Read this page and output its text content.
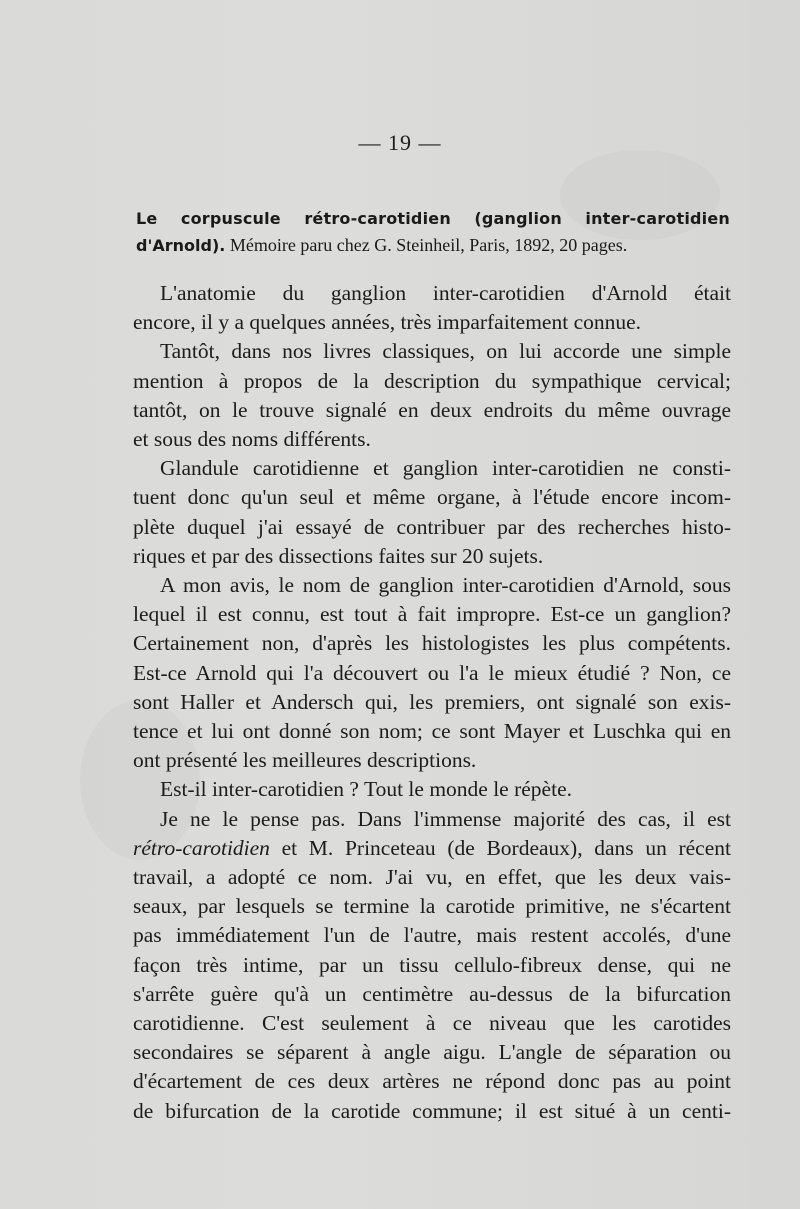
— 19 —
Le corpuscule rétro-carotidien (ganglion inter-carotidien
d'Arnold). Mémoire paru chez G. Steinheil, Paris, 1892, 20 pages.
L'anatomie du ganglion inter-carotidien d'Arnold était
encore, il y a quelques années, très imparfaitement connue.
Tantôt, dans nos livres classiques, on lui accorde une simple
mention à propos de la description du sympathique cervical;
tantôt, on le trouve signalé en deux endroits du même ouvrage
et sous des noms différents.
Glandule carotidienne et ganglion inter-carotidien ne consti-
tuent donc qu'un seul et même organe, à l'étude encore incom-
plète duquel j'ai essayé de contribuer par des recherches histo-
riques et par des dissections faites sur 20 sujets.
A mon avis, le nom de ganglion inter-carotidien d'Arnold, sous
lequel il est connu, est tout à fait impropre. Est-ce un ganglion?
Certainement non, d'après les histologistes les plus compétents.
Est-ce Arnold qui l'a découvert ou l'a le mieux étudié ? Non, ce
sont Haller et Andersch qui, les premiers, ont signalé son exis-
tence et lui ont donné son nom; ce sont Mayer et Luschka qui en
ont présenté les meilleures descriptions.
Est-il inter-carotidien ? Tout le monde le répète.
Je ne le pense pas. Dans l'immense majorité des cas, il est
rétro-carotidien et M. Princeteau (de Bordeaux), dans un récent
travail, a adopté ce nom. J'ai vu, en effet, que les deux vais-
seaux, par lesquels se termine la carotide primitive, ne s'écartent
pas immédiatement l'un de l'autre, mais restent accolés, d'une
façon très intime, par un tissu cellulo-fibreux dense, qui ne
s'arrête guère qu'à un centimètre au-dessus de la bifurcation
carotidienne. C'est seulement à ce niveau que les carotides
secondaires se séparent à angle aigu. L'angle de séparation ou
d'écartement de ces deux artères ne répond donc pas au point
de bifurcation de la carotide commune; il est situé à un centi-
